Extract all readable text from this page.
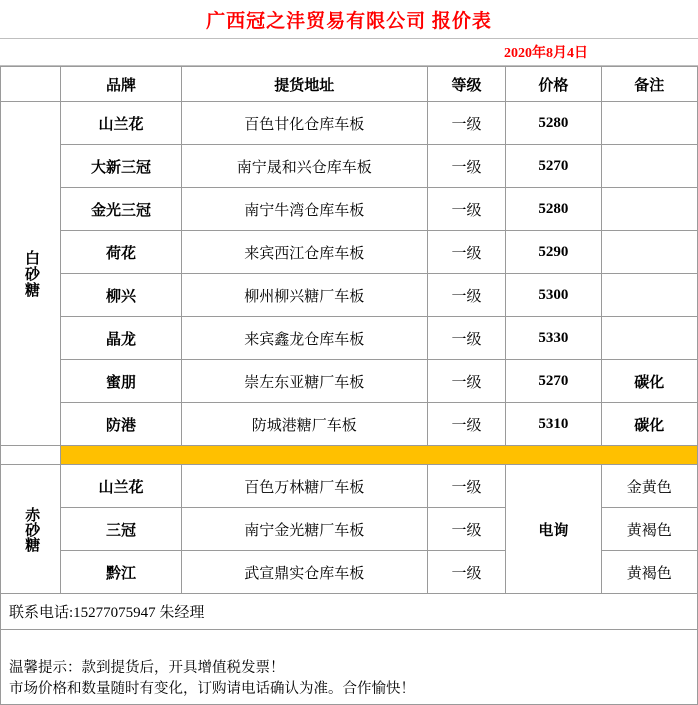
广西冠之沣贸易有限公司 报价表
2020年8月4日
	品牌	提货地址	等级	价格	备注
白砂糖	山兰花	百色甘化仓库车板	一级	5280	
	大新三冠	南宁晟和兴仓库车板	一级	5270	
	金光三冠	南宁牛湾仓库车板	一级	5280	
	荷花	来宾西江仓库车板	一级	5290	
	柳兴	柳州柳兴糖厂车板	一级	5300	
	晶龙	来宾鑫龙仓库车板	一级	5330	
	蜜朋	崇左东亚糖厂车板	一级	5270	碳化
	防港	防城港糖厂车板	一级	5310	碳化

赤砂糖	山兰花	百色万林糖厂车板	一级	电询	金黄色
	三冠	南宁金光糖厂车板	一级		黄褐色
	黔江	武宣鼎实仓库车板	一级		黄褐色
联系电话:15277075947 朱经理
温馨提示：款到提货后，开具增值税发票！
市场价格和数量随时有变化，订购请电话确认为准。合作愉快！
